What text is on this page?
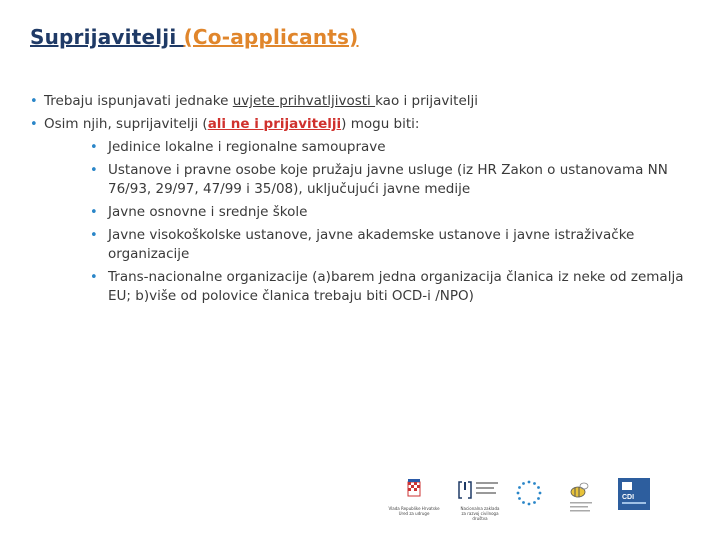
Suprijavitelji (Co-applicants)
• Trebaju ispunjavati jednake uvjete prihvatljivosti kao i prijavitelji
• Osim njih, suprijavitelji (ali ne i prijavitelji) mogu biti:
• Jedinice lokalne i regionalne samouprave
• Ustanove i pravne osobe koje pružaju javne usluge (iz HR Zakon o ustanovama NN 76/93, 29/97, 47/99 i 35/08), uključujući javne medije
• Javne osnovne i srednje škole
• Javne visokoškolske ustanove, javne akademske ustanove i javne istraživačke organizacije
• Trans-nacionalne organizacije (a)barem jedna organizacija članica iz neke od zemalja EU; b)više od polovice članica trebaju biti OCD-i /NPO)
Vlada Republike Hrvatske Ured za udruge
Nacionalna zaklada za razvoj civilnoga društva
CDI
